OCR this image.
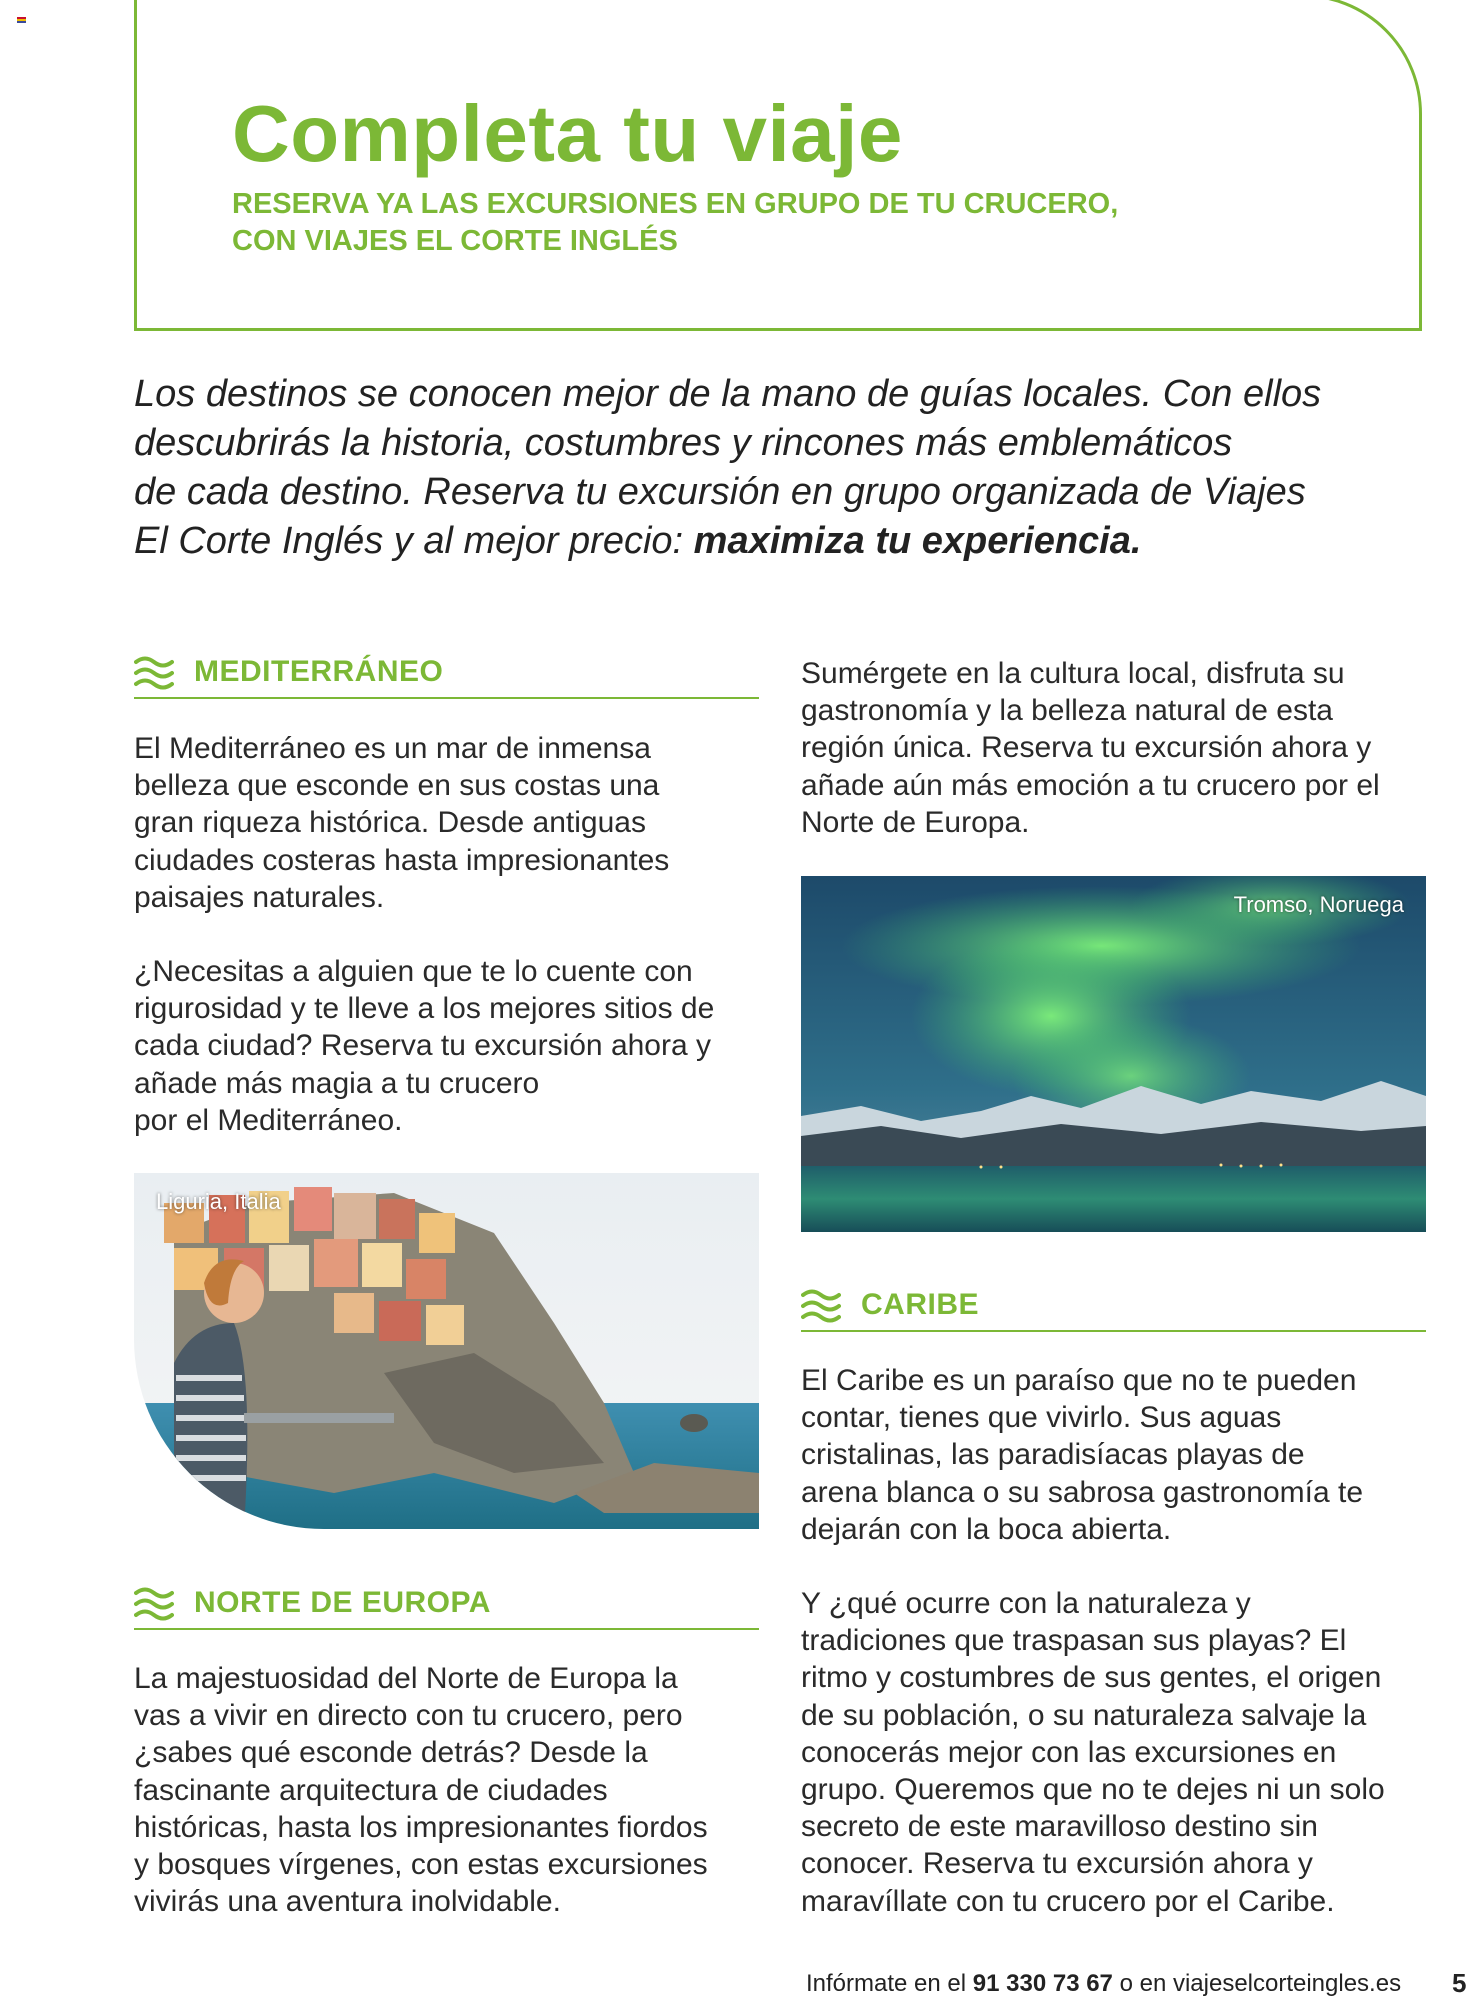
Completa tu viaje

RESERVA YA LAS EXCURSIONES EN GRUPO DE TU CRUCERO,
CON VIAJES EL CORTE INGLÉS

Los destinos se conocen mejor de la mano de guías locales. Con ellos
descubrirás la historia, costumbres y rincones más emblemáticos
de cada destino. Reserva tu excursión en grupo organizada de Viajes
El Corte Inglés y al mejor precio: maximiza tu experiencia.

MEDITERRÁNEO
El Mediterráneo es un mar de inmensa
belleza que esconde en sus costas una
gran riqueza histórica. Desde antiguas
ciudades costeras hasta impresionantes
paisajes naturales.
¿Necesitas a alguien que te lo cuente con
rigurosidad y te lleve a los mejores sitios de
cada ciudad? Reserva tu excursión ahora y
añade más magia a tu crucero
por el Mediterráneo.
Liguria, Italia
NORTE DE EUROPA
La majestuosidad del Norte de Europa la
vas a vivir en directo con tu crucero, pero
¿sabes qué esconde detrás? Desde la
fascinante arquitectura de ciudades
históricas, hasta los impresionantes fiordos
y bosques vírgenes, con estas excursiones
vivirás una aventura inolvidable.
Sumérgete en la cultura local, disfruta su
gastronomía y la belleza natural de esta
región única. Reserva tu excursión ahora y
añade aún más emoción a tu crucero por el
Norte de Europa.
Tromso, Noruega
CARIBE
El Caribe es un paraíso que no te pueden
contar, tienes que vivirlo. Sus aguas
cristalinas, las paradisíacas playas de
arena blanca o su sabrosa gastronomía te
dejarán con la boca abierta.
Y ¿qué ocurre con la naturaleza y
tradiciones que traspasan sus playas? El
ritmo y costumbres de sus gentes, el origen
de su población, o su naturaleza salvaje la
conocerás mejor con las excursiones en
grupo. Queremos que no te dejes ni un solo
secreto de este maravilloso destino sin
conocer. Reserva tu excursión ahora y
maravíllate con tu crucero por el Caribe.
Infórmate en el 91 330 73 67 o en viajeselcorteingles.es 5
